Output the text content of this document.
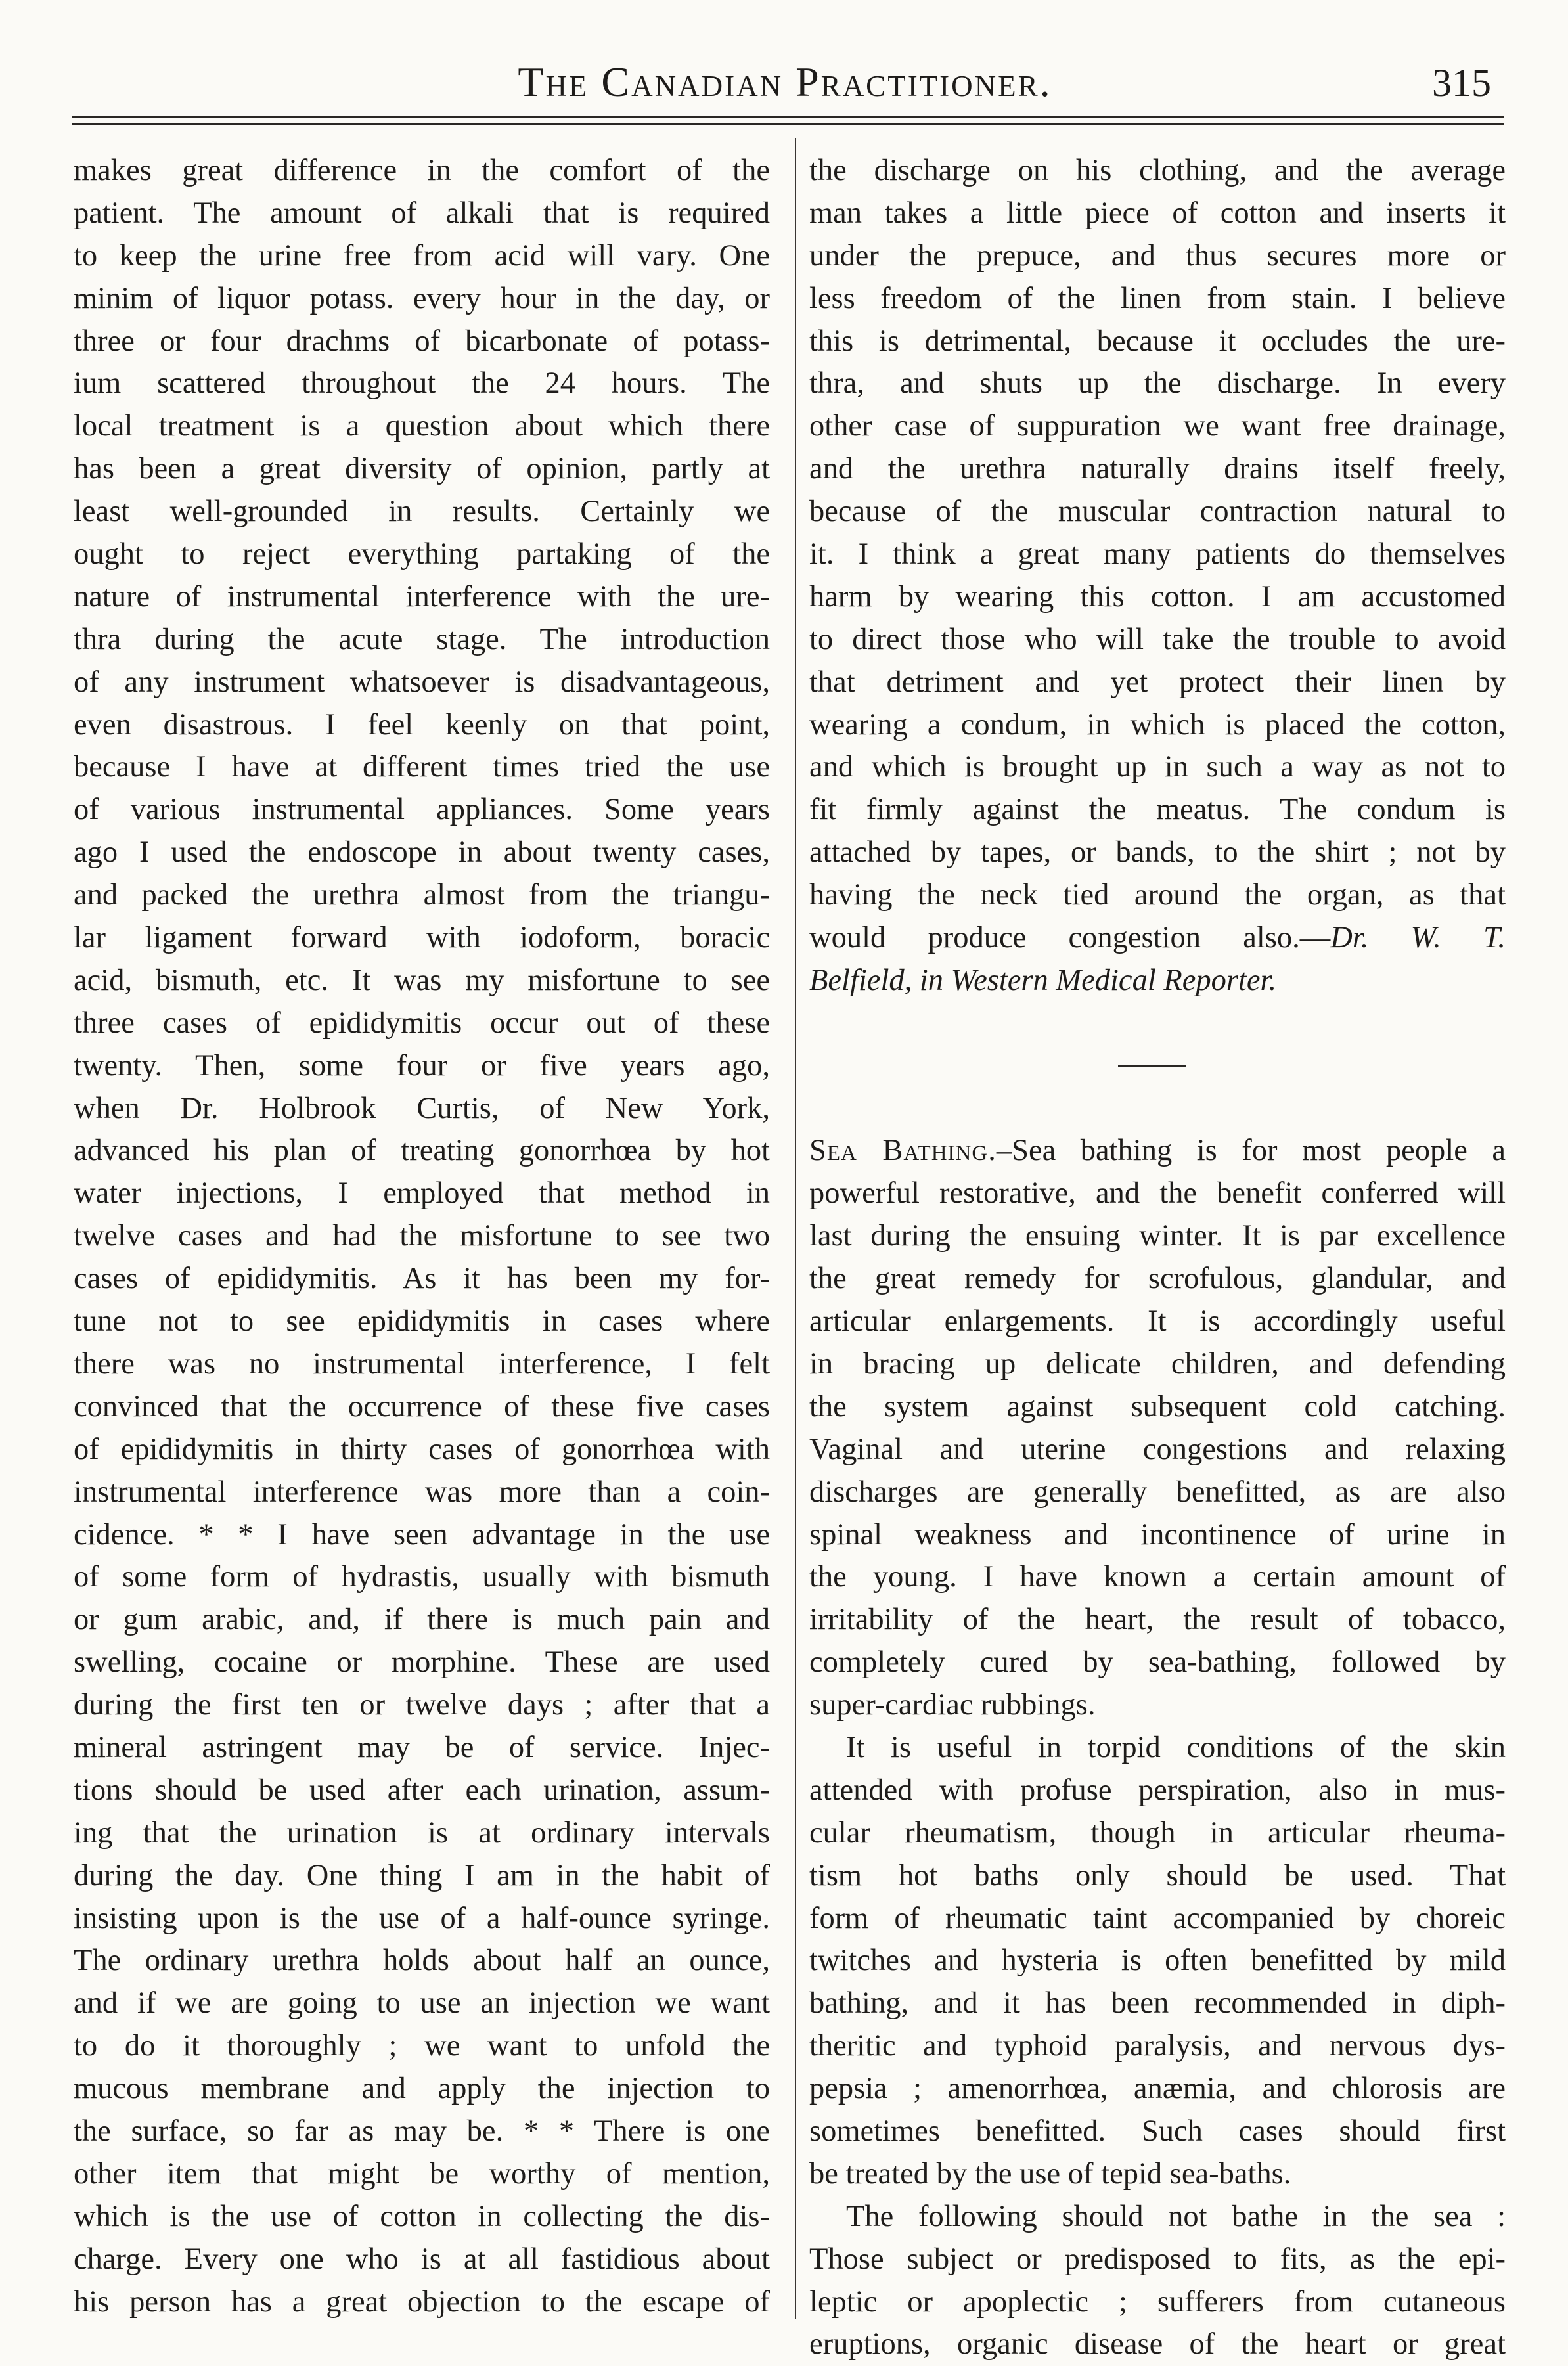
The Canadian Practitioner.	315
makes great difference in the comfort of the
patient. The amount of alkali that is required
to keep the urine free from acid will vary. One
minim of liquor potass. every hour in the day, or
three or four drachms of bicarbonate of potass-
ium scattered throughout the 24 hours. The
local treatment is a question about which there
has been a great diversity of opinion, partly at
least well-grounded in results. Certainly we
ought to reject everything partaking of the
nature of instrumental interference with the ure-
thra during the acute stage. The introduction
of any instrument whatsoever is disadvantageous,
even disastrous. I feel keenly on that point,
because I have at different times tried the use
of various instrumental appliances. Some years
ago I used the endoscope in about twenty cases,
and packed the urethra almost from the triangu-
lar ligament forward with iodoform, boracic
acid, bismuth, etc. It was my misfortune to see
three cases of epididymitis occur out of these
twenty. Then, some four or five years ago,
when Dr. Holbrook Curtis, of New York,
advanced his plan of treating gonorrhœa by hot
water injections, I employed that method in
twelve cases and had the misfortune to see two
cases of epididymitis. As it has been my for-
tune not to see epididymitis in cases where
there was no instrumental interference, I felt
convinced that the occurrence of these five cases
of epididymitis in thirty cases of gonorrhœa with
instrumental interference was more than a coin-
cidence. * * I have seen advantage in the use
of some form of hydrastis, usually with bismuth
or gum arabic, and, if there is much pain and
swelling, cocaine or morphine. These are used
during the first ten or twelve days ; after that a
mineral astringent may be of service. Injec-
tions should be used after each urination, assum-
ing that the urination is at ordinary intervals
during the day. One thing I am in the habit of
insisting upon is the use of a half-ounce syringe.
The ordinary urethra holds about half an ounce,
and if we are going to use an injection we want
to do it thoroughly ; we want to unfold the
mucous membrane and apply the injection to
the surface, so far as may be. * * There is one
other item that might be worthy of mention,
which is the use of cotton in collecting the dis-
charge. Every one who is at all fastidious about
his person has a great objection to the escape of
the discharge on his clothing, and the average
man takes a little piece of cotton and inserts it
under the prepuce, and thus secures more or
less freedom of the linen from stain. I believe
this is detrimental, because it occludes the ure-
thra, and shuts up the discharge. In every
other case of suppuration we want free drainage,
and the urethra naturally drains itself freely,
because of the muscular contraction natural to
it. I think a great many patients do themselves
harm by wearing this cotton. I am accustomed
to direct those who will take the trouble to avoid
that detriment and yet protect their linen by
wearing a condum, in which is placed the cotton,
and which is brought up in such a way as not to
fit firmly against the meatus. The condum is
attached by tapes, or bands, to the shirt ; not by
having the neck tied around the organ, as that
would produce congestion also.—Dr. W. T.
Belfield, in Western Medical Reporter.
Sea Bathing.–Sea bathing is for most people a
powerful restorative, and the benefit conferred will
last during the ensuing winter. It is par excellence
the great remedy for scrofulous, glandular, and
articular enlargements. It is accordingly useful
in bracing up delicate children, and defending
the system against subsequent cold catching.
Vaginal and uterine congestions and relaxing
discharges are generally benefitted, as are also
spinal weakness and incontinence of urine in
the young. I have known a certain amount of
irritability of the heart, the result of tobacco,
completely cured by sea-bathing, followed by
super-cardiac rubbings.
It is useful in torpid conditions of the skin
attended with profuse perspiration, also in mus-
cular rheumatism, though in articular rheuma-
tism hot baths only should be used. That
form of rheumatic taint accompanied by choreic
twitches and hysteria is often benefitted by mild
bathing, and it has been recommended in diph-
theritic and typhoid paralysis, and nervous dys-
pepsia ; amenorrhœa, anæmia, and chlorosis are
sometimes benefitted. Such cases should first
be treated by the use of tepid sea-baths.
The following should not bathe in the sea :
Those subject or predisposed to fits, as the epi-
leptic or apoplectic ; sufferers from cutaneous
eruptions, organic disease of the heart or great
